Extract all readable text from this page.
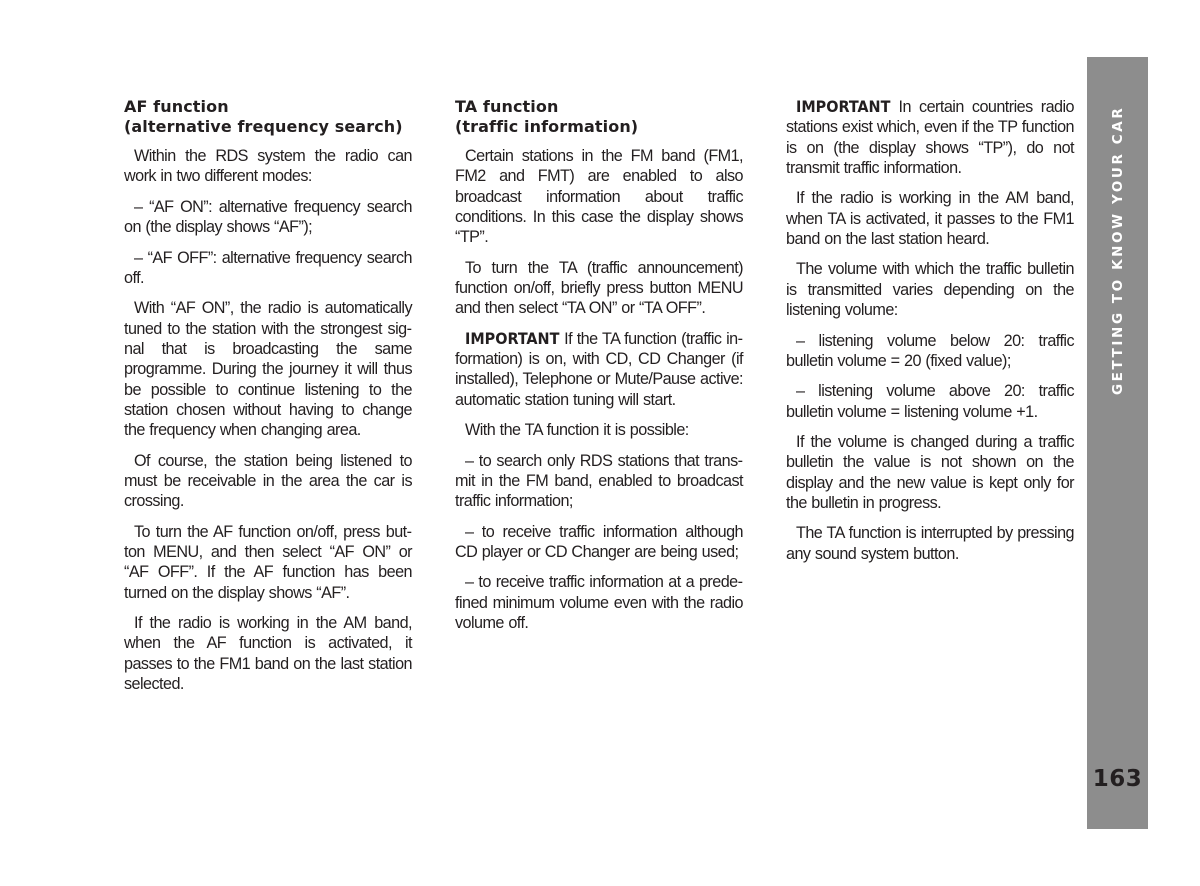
AF function
(alternative frequency search)

Within the RDS system the radio can work in two different modes:

– “AF ON”: alternative frequency search on (the display shows “AF”);

– “AF OFF”: alternative frequency search off.

With “AF ON”, the radio is automatically tuned to the station with the strongest signal that is broadcasting the same programme. During the journey it will thus be possible to continue listening to the station chosen without having to change the frequency when changing area.

Of course, the station being listened to must be receivable in the area the car is crossing.

To turn the AF function on/off, press button MENU, and then select “AF ON” or “AF OFF”. If the AF function has been turned on the display shows “AF”.

If the radio is working in the AM band, when the AF function is activated, it passes to the FM1 band on the last station selected.

TA function
(traffic information)

Certain stations in the FM band (FM1, FM2 and FMT) are enabled to also broadcast information about traffic conditions. In this case the display shows “TP”.

To turn the TA (traffic announcement) function on/off, briefly press button MENU and then select “TA ON” or “TA OFF”.

IMPORTANT If the TA function (traffic information) is on, with CD, CD Changer (if installed), Telephone or Mute/Pause active: automatic station tuning will start.

With the TA function it is possible:

– to search only RDS stations that transmit in the FM band, enabled to broadcast traffic information;

– to receive traffic information although CD player or CD Changer are being used;

– to receive traffic information at a predefined minimum volume even with the radio volume off.

IMPORTANT In certain countries radio stations exist which, even if the TP function is on (the display shows “TP”), do not transmit traffic information.

If the radio is working in the AM band, when TA is activated, it passes to the FM1 band on the last station heard.

The volume with which the traffic bulletin is transmitted varies depending on the listening volume:

– listening volume below 20: traffic bulletin volume = 20 (fixed value);

– listening volume above 20: traffic bulletin volume = listening volume +1.

If the volume is changed during a traffic bulletin the value is not shown on the display and the new value is kept only for the bulletin in progress.

The TA function is interrupted by pressing any sound system button.

GETTING TO KNOW YOUR CAR
163
